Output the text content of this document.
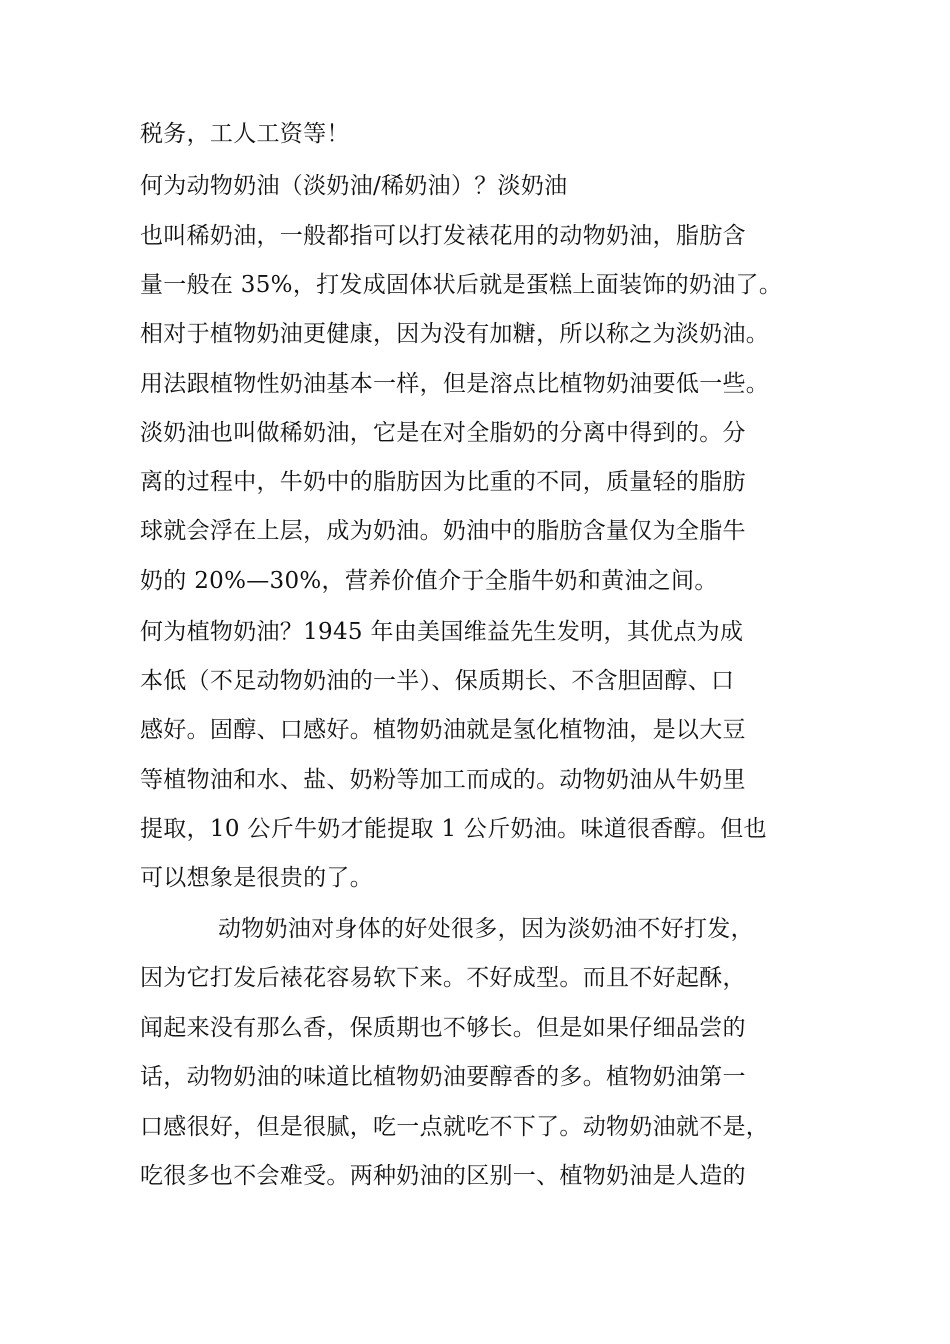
税务，工人工资等！
何为动物奶油（淡奶油/稀奶油）？淡奶油
也叫稀奶油，一般都指可以打发裱花用的动物奶油，脂肪含
量一般在 35%，打发成固体状后就是蛋糕上面装饰的奶油了。
相对于植物奶油更健康，因为没有加糖，所以称之为淡奶油。
用法跟植物性奶油基本一样，但是溶点比植物奶油要低一些。
淡奶油也叫做稀奶油，它是在对全脂奶的分离中得到的。分
离的过程中，牛奶中的脂肪因为比重的不同，质量轻的脂肪
球就会浮在上层，成为奶油。奶油中的脂肪含量仅为全脂牛
奶的 20%—30%，营养价值介于全脂牛奶和黄油之间。
何为植物奶油？1945 年由美国维益先生发明，其优点为成
本低（不足动物奶油的一半）、保质期长、不含胆固醇、口
感好。固醇、口感好。植物奶油就是氢化植物油，是以大豆
等植物油和水、盐、奶粉等加工而成的。动物奶油从牛奶里
提取，10 公斤牛奶才能提取 1 公斤奶油。味道很香醇。但也
可以想象是很贵的了。
动物奶油对身体的好处很多，因为淡奶油不好打发，
因为它打发后裱花容易软下来。不好成型。而且不好起酥，
闻起来没有那么香，保质期也不够长。但是如果仔细品尝的
话，动物奶油的味道比植物奶油要醇香的多。植物奶油第一
口感很好，但是很腻，吃一点就吃不下了。动物奶油就不是，
吃很多也不会难受。两种奶油的区别一、植物奶油是人造的
